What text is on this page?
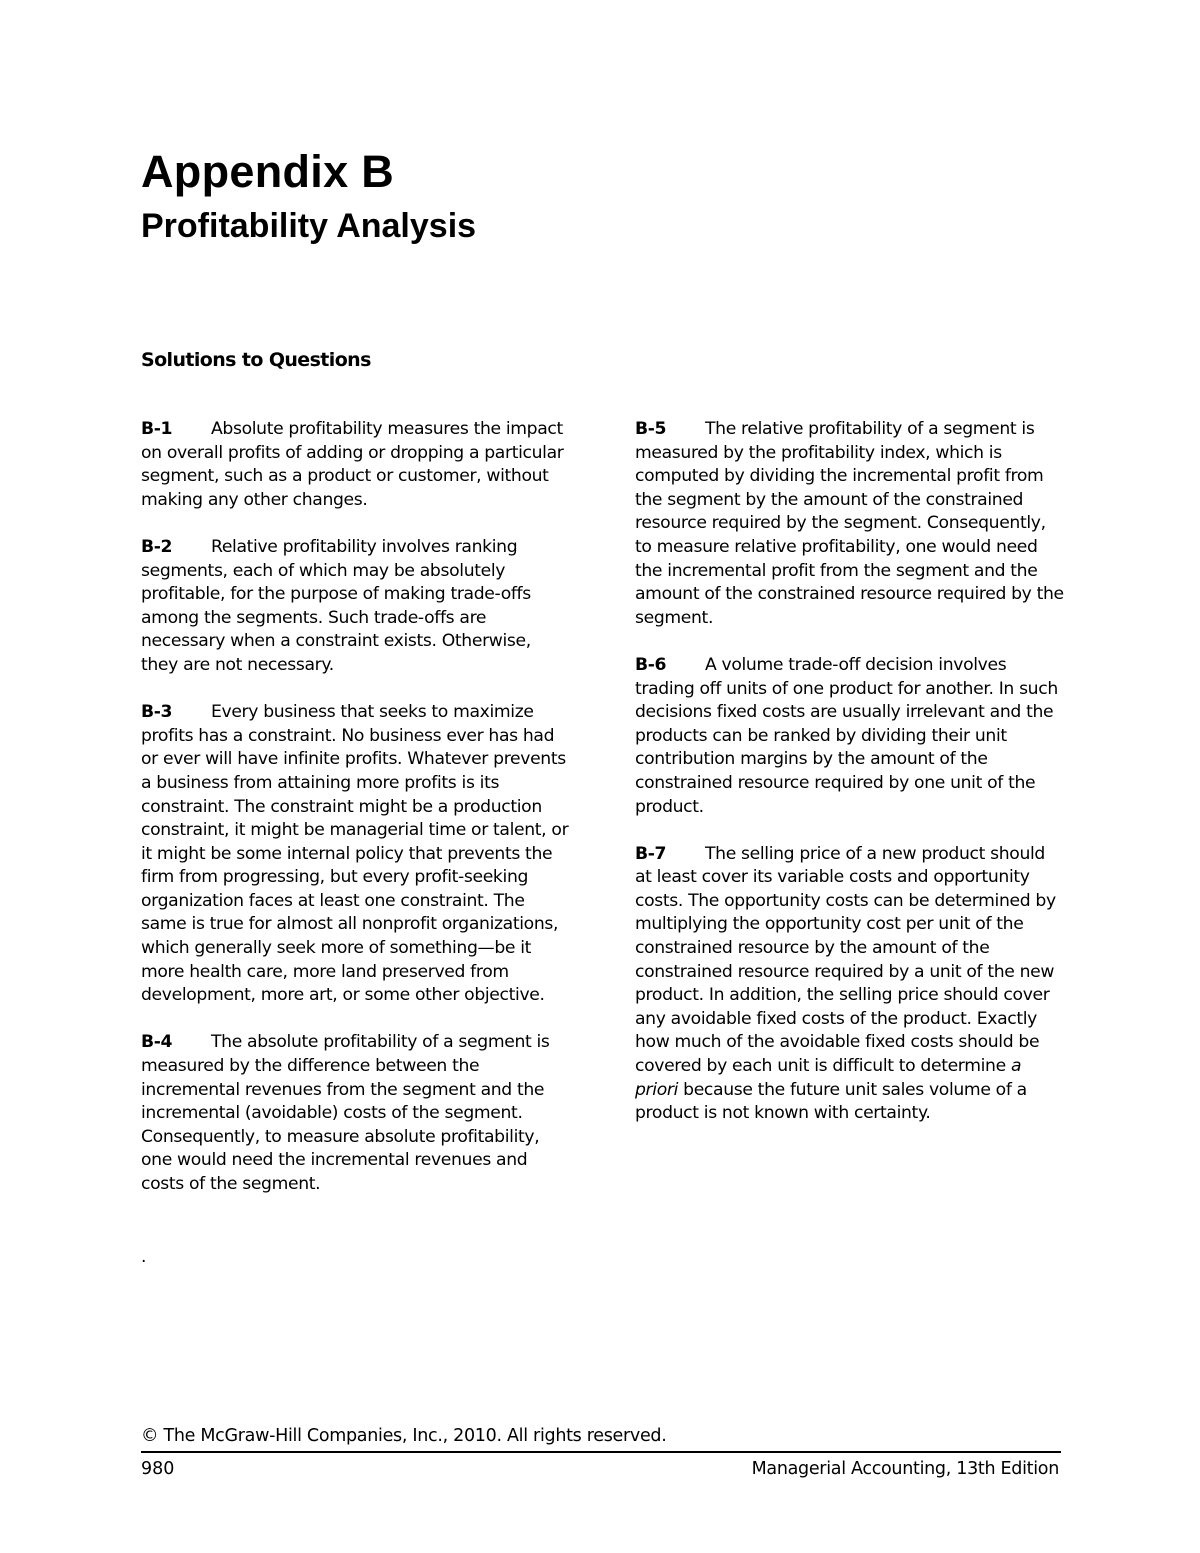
Appendix B
Profitability Analysis
Solutions to Questions

B-1 Absolute profitability measures the impact on overall profits of adding or dropping a particular segment, such as a product or customer, without making any other changes.

B-2 Relative profitability involves ranking segments, each of which may be absolutely profitable, for the purpose of making trade-offs among the segments. Such trade-offs are necessary when a constraint exists. Otherwise, they are not necessary.

B-3 Every business that seeks to maximize profits has a constraint. No business ever has had or ever will have infinite profits. Whatever prevents a business from attaining more profits is its constraint. The constraint might be a production constraint, it might be managerial time or talent, or it might be some internal policy that prevents the firm from progressing, but every profit-seeking organization faces at least one constraint. The same is true for almost all nonprofit organizations, which generally seek more of something—be it more health care, more land preserved from development, more art, or some other objective.

B-4 The absolute profitability of a segment is measured by the difference between the incremental revenues from the segment and the incremental (avoidable) costs of the segment. Consequently, to measure absolute profitability, one would need the incremental revenues and costs of the segment.

B-5 The relative profitability of a segment is measured by the profitability index, which is computed by dividing the incremental profit from the segment by the amount of the constrained resource required by the segment. Consequently, to measure relative profitability, one would need the incremental profit from the segment and the amount of the constrained resource required by the segment.

B-6 A volume trade-off decision involves trading off units of one product for another. In such decisions fixed costs are usually irrelevant and the products can be ranked by dividing their unit contribution margins by the amount of the constrained resource required by one unit of the product.

B-7 The selling price of a new product should at least cover its variable costs and opportunity costs. The opportunity costs can be determined by multiplying the opportunity cost per unit of the constrained resource by the amount of the constrained resource required by a unit of the new product. In addition, the selling price should cover any avoidable fixed costs of the product. Exactly how much of the avoidable fixed costs should be covered by each unit is difficult to determine a priori because the future unit sales volume of a product is not known with certainty.

.
© The McGraw-Hill Companies, Inc., 2010. All rights reserved.
980	Managerial Accounting, 13th Edition
